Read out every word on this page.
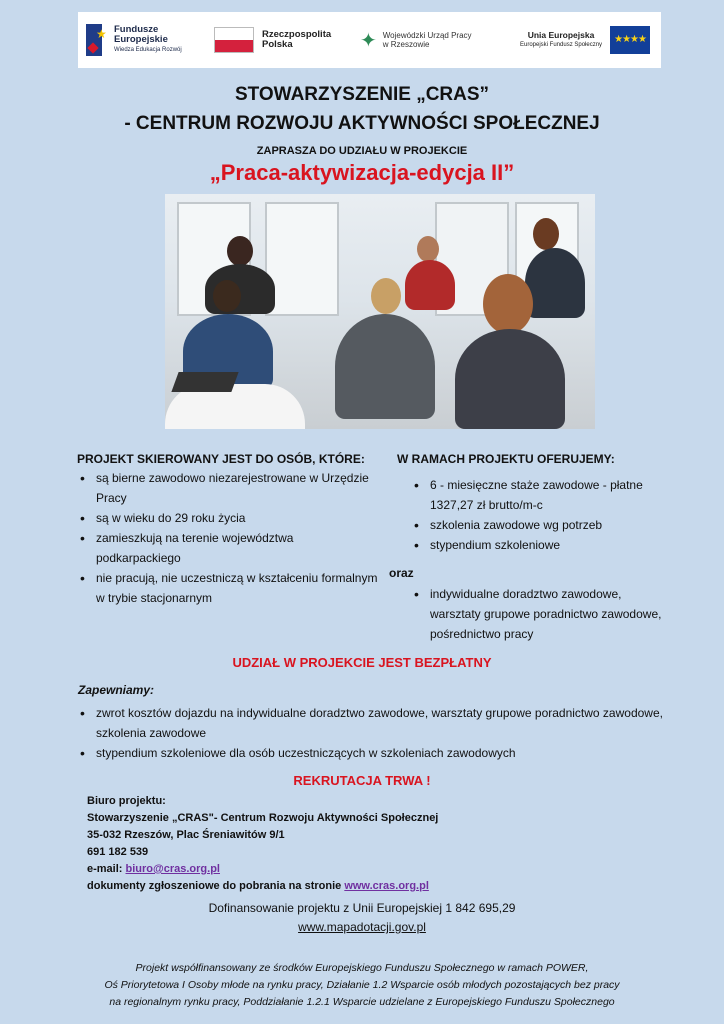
★ Fundusze
Europejskie
Wiedza Edukacja Rozwój
Rzeczpospolita
Polska	✦ Wojewódzki Urząd Pracy
w Rzeszowie
Unia Europejska
Europejski Fundusz Społeczny	★★★★
STOWARZYSZENIE „CRAS”
- CENTRUM ROZWOJU AKTYWNOŚCI SPOŁECZNEJ
ZAPRASZA DO UDZIAŁU W PROJEKCIE
„Praca-aktywizacja-edycja II”
PROJEKT SKIEROWANY JEST DO OSÓB, KTÓRE:
• są bierne zawodowo niezarejestrowane w Urzędzie Pracy
• są w wieku do 29 roku życia
• zamieszkują na terenie województwa podkarpackiego
• nie pracują, nie uczestniczą w kształceniu formalnym w trybie stacjonarnym
W RAMACH PROJEKTU OFERUJEMY:
• 6 - miesięczne staże zawodowe - płatne 1327,27 zł brutto/m-c
• szkolenia zawodowe wg potrzeb
• stypendium szkoleniowe
oraz
• indywidualne doradztwo zawodowe, warsztaty grupowe poradnictwo zawodowe, pośrednictwo pracy
UDZIAŁ W PROJEKCIE JEST BEZPŁATNY
Zapewniamy:
• zwrot kosztów dojazdu na indywidualne doradztwo zawodowe, warsztaty grupowe poradnictwo zawodowe, szkolenia zawodowe
• stypendium szkoleniowe dla osób uczestniczących w szkoleniach zawodowych
REKRUTACJA TRWA !
Biuro projektu:
Stowarzyszenie „CRAS"- Centrum Rozwoju Aktywności Społecznej
35-032 Rzeszów, Plac Śreniawitów 9/1
691 182 539
e-mail: biuro@cras.org.pl
dokumenty zgłoszeniowe do pobrania na stronie www.cras.org.pl
Dofinansowanie projektu z Unii Europejskiej 1 842 695,29
www.mapadotacji.gov.pl
Projekt współfinansowany ze środków Europejskiego Funduszu Społecznego w ramach POWER,
Oś Priorytetowa I Osoby młode na rynku pracy, Działanie 1.2 Wsparcie osób młodych pozostających bez pracy
na regionalnym rynku pracy, Poddziałanie 1.2.1 Wsparcie udzielane z Europejskiego Funduszu Społecznego
